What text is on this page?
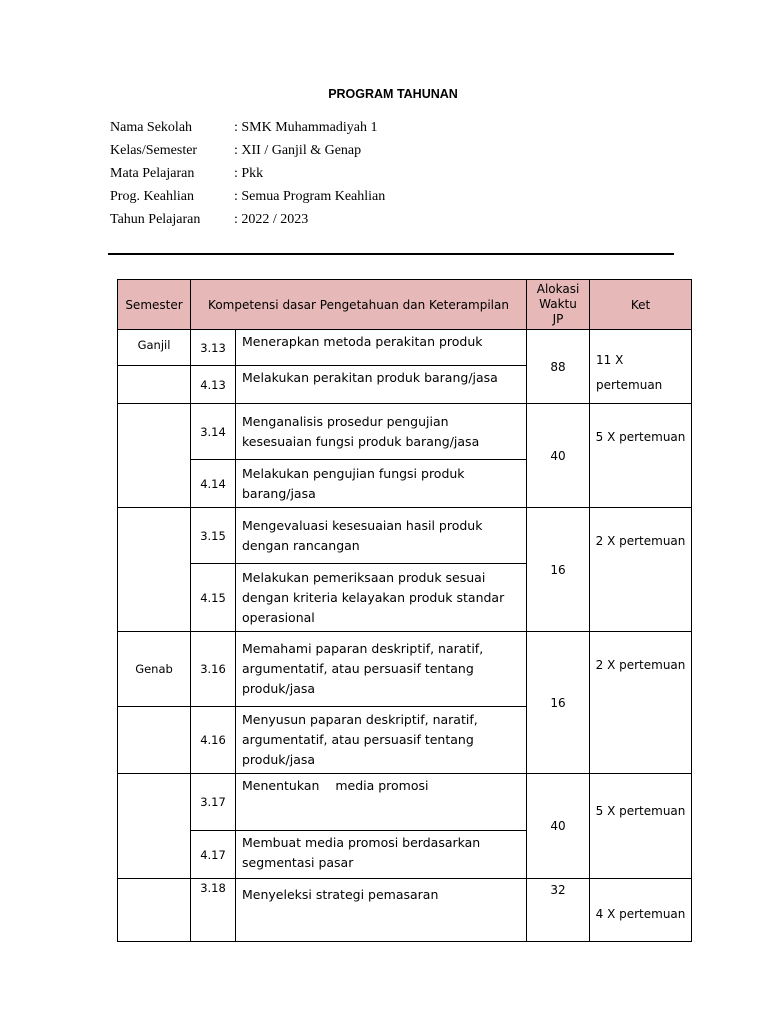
PROGRAM TAHUNAN
Nama Sekolah	: SMK Muhammadiyah 1
Kelas/Semester	: XII / Ganjil & Genap
Mata Pelajaran	: Pkk
Prog. Keahlian	: Semua Program Keahlian
Tahun Pelajaran : 2022 / 2023
Semester	Kompetensi dasar Pengetahuan dan Keterampilan		Alokasi Waktu JP	Ket
Ganjil	3.13	Menerapkan metoda perakitan produk	88	11 X pertemuan
	4.13	Melakukan perakitan produk barang/jasa		
	3.14	Menganalisis prosedur pengujian kesesuaian fungsi produk barang/jasa	40	5 X pertemuan
	4.14	Melakukan pengujian fungsi produk barang/jasa		
	3.15	Mengevaluasi kesesuaian hasil produk dengan rancangan	16	2 X pertemuan
	4.15	Melakukan pemeriksaan produk sesuai dengan kriteria kelayakan produk standar operasional		
Genab	3.16	Memahami paparan deskriptif, naratif, argumentatif, atau persuasif tentang produk/jasa	16	2 X pertemuan
	4.16	Menyusun paparan deskriptif, naratif, argumentatif, atau persuasif tentang produk/jasa		
	3.17	Menentukan    media promosi	40	5 X pertemuan
	4.17	Membuat media promosi berdasarkan segmentasi pasar		
	3.18	Menyeleksi strategi pemasaran	32	4 X pertemuan
